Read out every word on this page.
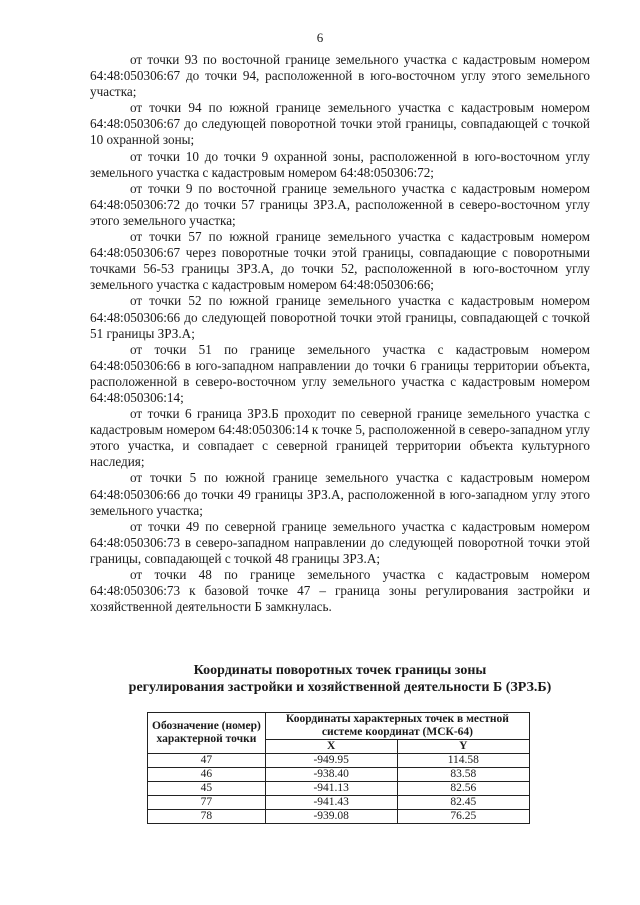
6

от точки 93 по восточной границе земельного участка с кадастровым номером 64:48:050306:67 до точки 94, расположенной в юго-восточном углу этого земельного участка;

от точки 94 по южной границе земельного участка с кадастровым номером 64:48:050306:67 до следующей поворотной точки этой границы, совпадающей с точкой 10 охранной зоны;

от точки 10 до точки 9 охранной зоны, расположенной в юго-восточном углу земельного участка с кадастровым номером 64:48:050306:72;

от точки 9 по восточной границе земельного участка с кадастровым номером 64:48:050306:72 до точки 57 границы ЗРЗ.А, расположенной в северо-восточном углу этого земельного участка;

от точки 57 по южной границе земельного участка с кадастровым номером 64:48:050306:67 через поворотные точки этой границы, совпадающие с поворотными точками 56-53 границы ЗРЗ.А, до точки 52, расположенной в юго-восточном углу земельного участка с кадастровым номером 64:48:050306:66;

от точки 52 по южной границе земельного участка с кадастровым номером 64:48:050306:66 до следующей поворотной точки этой границы, совпадающей с точкой 51 границы ЗРЗ.А;

от точки 51 по границе земельного участка с кадастровым номером 64:48:050306:66 в юго-западном направлении до точки 6 границы территории объекта, расположенной в северо-восточном углу земельного участка с кадастровым номером 64:48:050306:14;

от точки 6 граница ЗРЗ.Б проходит по северной границе земельного участка с кадастровым номером 64:48:050306:14 к точке 5, расположенной в северо-западном углу этого участка, и совпадает с северной границей территории объекта культурного наследия;

от точки 5 по южной границе земельного участка с кадастровым номером 64:48:050306:66 до точки 49 границы ЗРЗ.А, расположенной в юго-западном углу этого земельного участка;

от точки 49 по северной границе земельного участка с кадастровым номером 64:48:050306:73 в северо-западном направлении до следующей поворотной точки этой границы, совпадающей с точкой 48 границы ЗРЗ.А;

от точки 48 по границе земельного участка с кадастровым номером 64:48:050306:73 к базовой точке 47 – граница зоны регулирования застройки и хозяйственной деятельности Б замкнулась.

Координаты поворотных точек границы зоны
регулирования застройки и хозяйственной деятельности Б (ЗРЗ.Б)
Обозначение (номер) характерной точки	Координаты характерных точек в местной системе координат (МСК-64)	
	X	Y
47	-949.95	114.58
46	-938.40	83.58
45	-941.13	82.56
77	-941.43	82.45
78	-939.08	76.25
